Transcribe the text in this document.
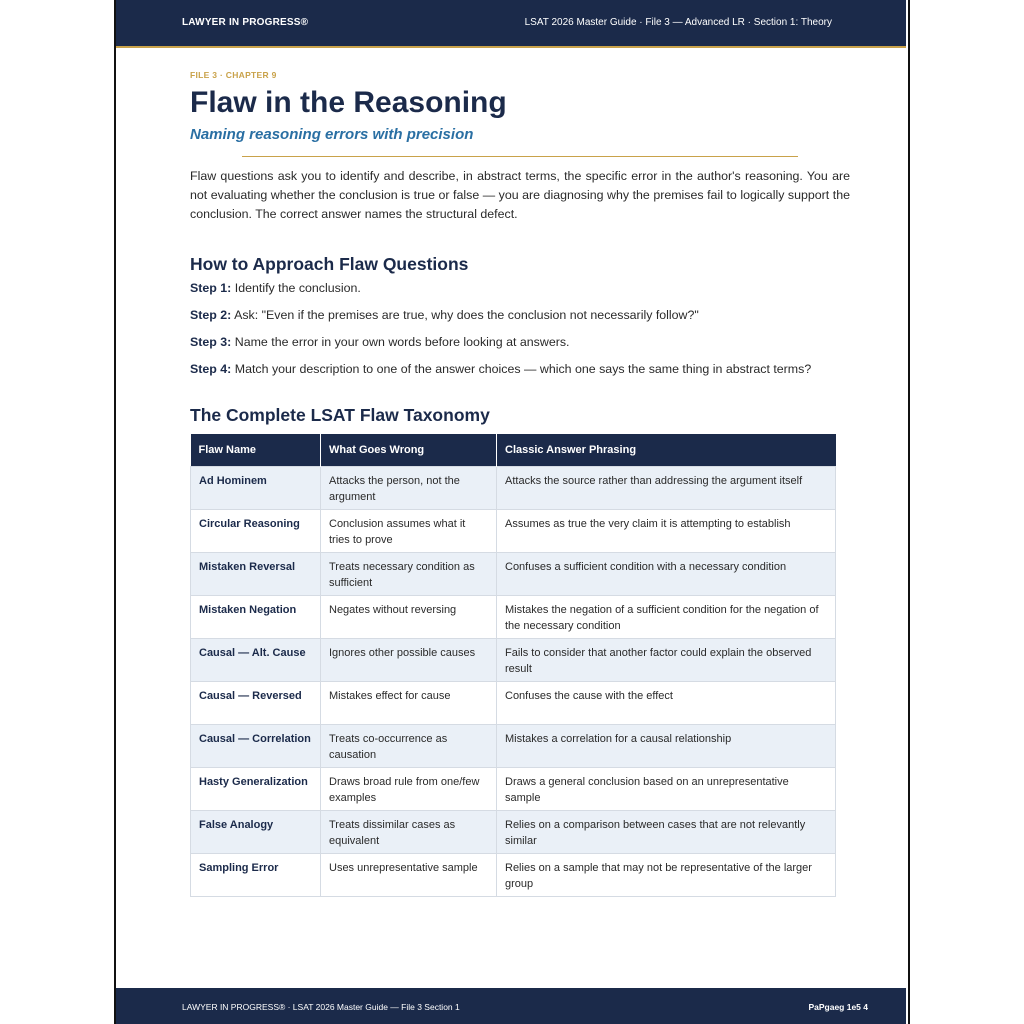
LAWYER IN PROGRESS®	LSAT 2026 Master Guide · File 3 — Advanced LR · Section 1: Theory
FILE 3 · CHAPTER 9
Flaw in the Reasoning
Naming reasoning errors with precision

Flaw questions ask you to identify and describe, in abstract terms, the specific error in the author's reasoning. You are not evaluating whether the conclusion is true or false — you are diagnosing why the premises fail to logically support the conclusion. The correct answer names the structural defect.

How to Approach Flaw Questions
Step 1: Identify the conclusion.
Step 2: Ask: "Even if the premises are true, why does the conclusion not necessarily follow?"
Step 3: Name the error in your own words before looking at answers.
Step 4: Match your description to one of the answer choices — which one says the same thing in abstract terms?
The Complete LSAT Flaw Taxonomy
Flaw Name	What Goes Wrong	Classic Answer Phrasing
Ad Hominem	Attacks the person, not the argument	Attacks the source rather than addressing the argument itself
Circular Reasoning	Conclusion assumes what it tries to prove	Assumes as true the very claim it is attempting to establish
Mistaken Reversal	Treats necessary condition as sufficient	Confuses a sufficient condition with a necessary condition
Mistaken Negation	Negates without reversing	Mistakes the negation of a sufficient condition for the negation of the necessary condition
Causal — Alt. Cause	Ignores other possible causes	Fails to consider that another factor could explain the observed result
Causal — Reversed	Mistakes effect for cause	Confuses the cause with the effect
Causal — Correlation	Treats co-occurrence as causation	Mistakes a correlation for a causal relationship
Hasty Generalization	Draws broad rule from one/few examples	Draws a general conclusion based on an unrepresentative sample
False Analogy	Treats dissimilar cases as equivalent	Relies on a comparison between cases that are not relevantly similar
Sampling Error	Uses unrepresentative sample	Relies on a sample that may not be representative of the larger group
LAWYER IN PROGRESS® · LSAT 2026 Master Guide — File 3 Section 1	PaPgaeg 1e5 4
